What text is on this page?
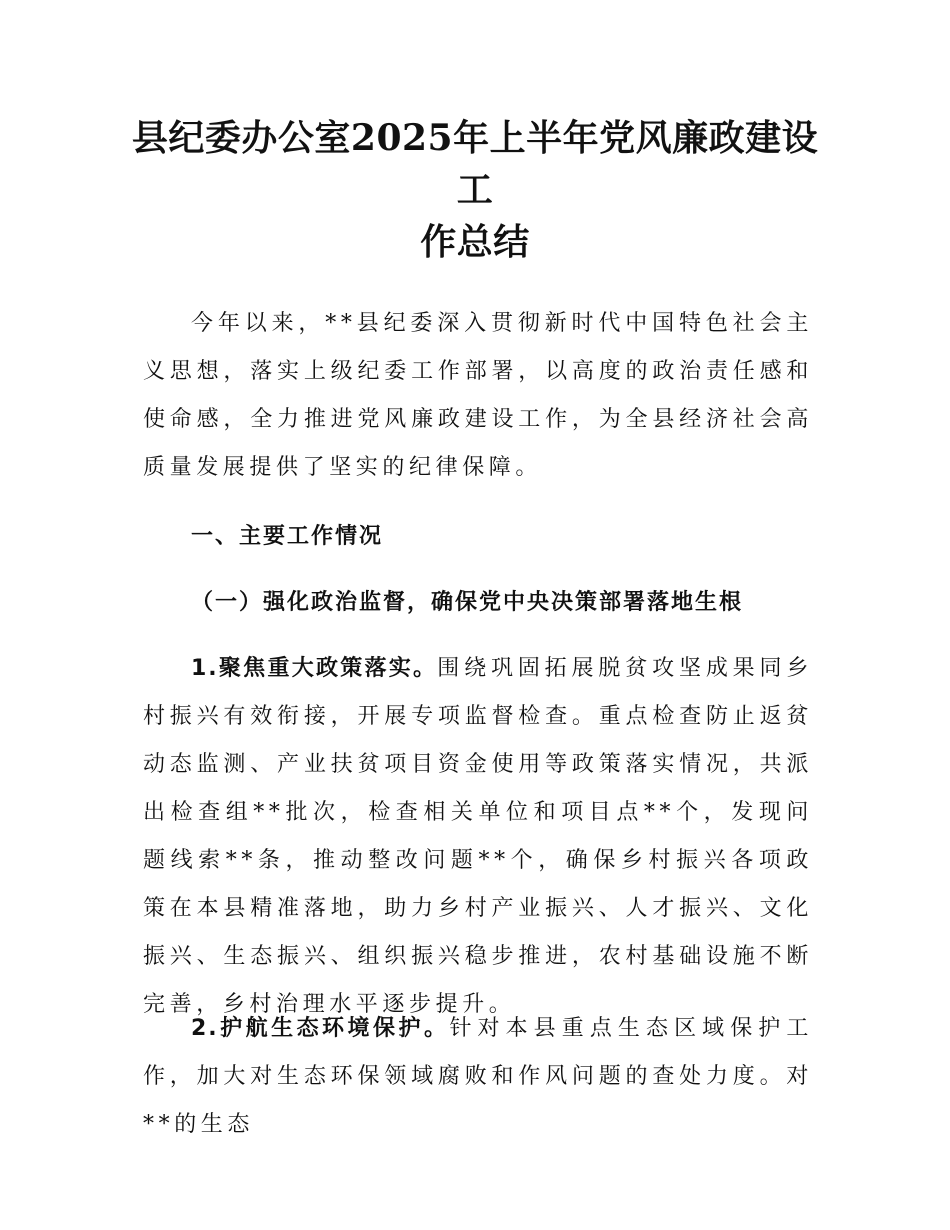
县纪委办公室2025年上半年党风廉政建设工
作总结

今年以来，**县纪委深入贯彻新时代中国特色社会主义思想，落实上级纪委工作部署，以高度的政治责任感和使命感，全力推进党风廉政建设工作，为全县经济社会高质量发展提供了坚实的纪律保障。

一、主要工作情况

（一）强化政治监督，确保党中央决策部署落地生根

1.聚焦重大政策落实。围绕巩固拓展脱贫攻坚成果同乡村振兴有效衔接，开展专项监督检查。重点检查防止返贫动态监测、产业扶贫项目资金使用等政策落实情况，共派出检查组**批次，检查相关单位和项目点**个，发现问题线索**条，推动整改问题**个，确保乡村振兴各项政策在本县精准落地，助力乡村产业振兴、人才振兴、文化振兴、生态振兴、组织振兴稳步推进，农村基础设施不断完善，乡村治理水平逐步提升。

2.护航生态环境保护。针对本县重点生态区域保护工作，加大对生态环保领域腐败和作风问题的查处力度。对**的生态
